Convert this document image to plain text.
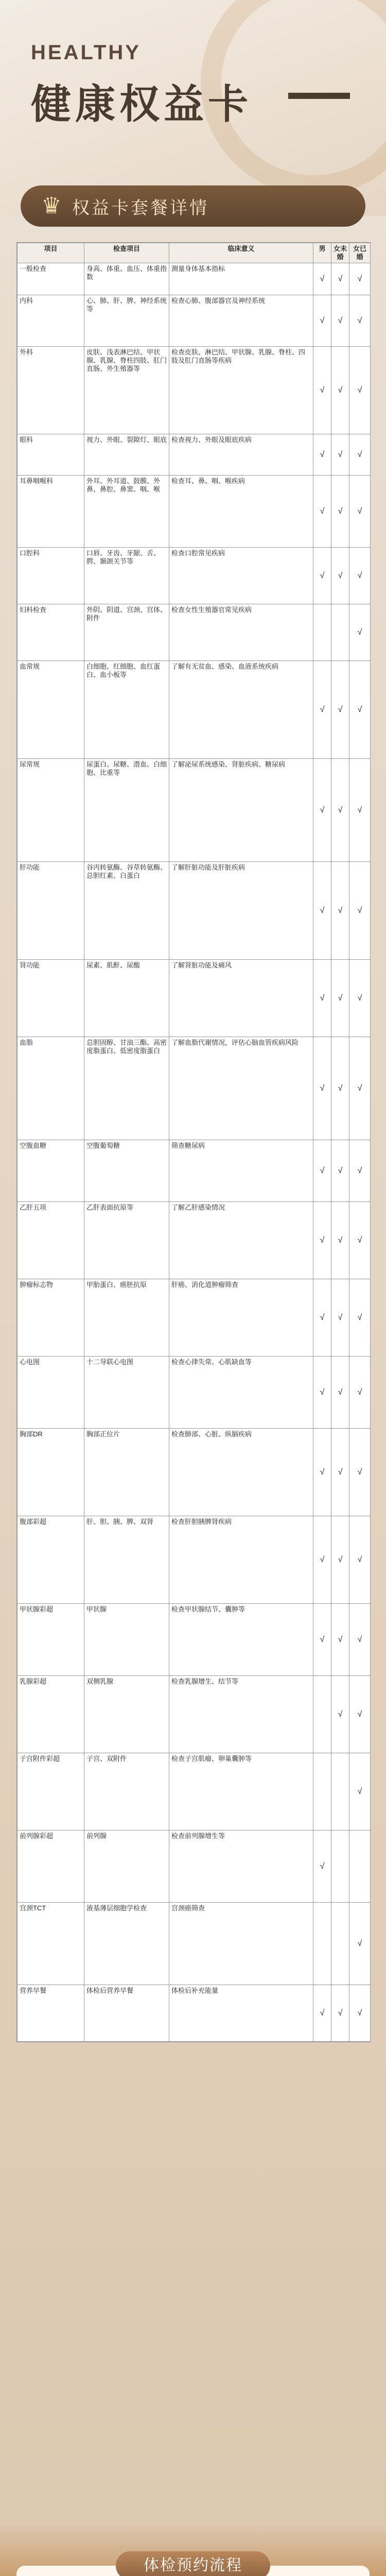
HEALTHY
健康权益卡
♛ 权益卡套餐详情
项目	检查项目	临床意义	男	女未婚	女已婚
一般检查	身高、体重、血压、体重指数	测量身体基本指标	√	√	√
内科	心、肺、肝、脾、神经系统等	检查心肺、腹部器官及神经系统	√	√	√
外科	皮肤、浅表淋巴结、甲状腺、乳腺、脊柱四肢、肛门直肠、外生殖器等	检查皮肤、淋巴结、甲状腺、乳腺、脊柱、四肢及肛门直肠等疾病	√	√	√
眼科	视力、外眼、裂隙灯、眼底	检查视力、外眼及眼底疾病	√	√	√
耳鼻咽喉科	外耳、外耳道、鼓膜、外鼻、鼻腔、鼻窦、咽、喉	检查耳、鼻、咽、喉疾病	√	√	√
口腔科	口唇、牙齿、牙龈、舌、腭、颞颌关节等	检查口腔常见疾病	√	√	√
妇科检查	外阴、阴道、宫颈、宫体、附件	检查女性生殖器官常见疾病			√
血常规	白细胞、红细胞、血红蛋白、血小板等	了解有无贫血、感染、血液系统疾病	√	√	√
尿常规	尿蛋白、尿糖、潜血、白细胞、比重等	了解泌尿系统感染、肾脏疾病、糖尿病	√	√	√
肝功能	谷丙转氨酶、谷草转氨酶、总胆红素、白蛋白	了解肝脏功能及肝脏疾病	√	√	√
肾功能	尿素、肌酐、尿酸	了解肾脏功能及痛风	√	√	√
血脂	总胆固醇、甘油三酯、高密度脂蛋白、低密度脂蛋白	了解血脂代谢情况，评估心脑血管疾病风险	√	√	√
空腹血糖	空腹葡萄糖	筛查糖尿病	√	√	√
乙肝五项	乙肝表面抗原等	了解乙肝感染情况	√	√	√
肿瘤标志物	甲胎蛋白、癌胚抗原	肝癌、消化道肿瘤筛查	√	√	√
心电图	十二导联心电图	检查心律失常、心肌缺血等	√	√	√
胸部DR	胸部正位片	检查肺部、心脏、纵膈疾病	√	√	√
腹部彩超	肝、胆、胰、脾、双肾	检查肝胆胰脾肾疾病	√	√	√
甲状腺彩超	甲状腺	检查甲状腺结节、囊肿等	√	√	√
乳腺彩超	双侧乳腺	检查乳腺增生、结节等		√	√
子宫附件彩超	子宫、双附件	检查子宫肌瘤、卵巢囊肿等			√
前列腺彩超	前列腺	检查前列腺增生等	√		
宫颈TCT	液基薄层细胞学检查	宫颈癌筛查			√
营养早餐	体检后营养早餐	体检后补充能量	√	√	√
体检预约流程
